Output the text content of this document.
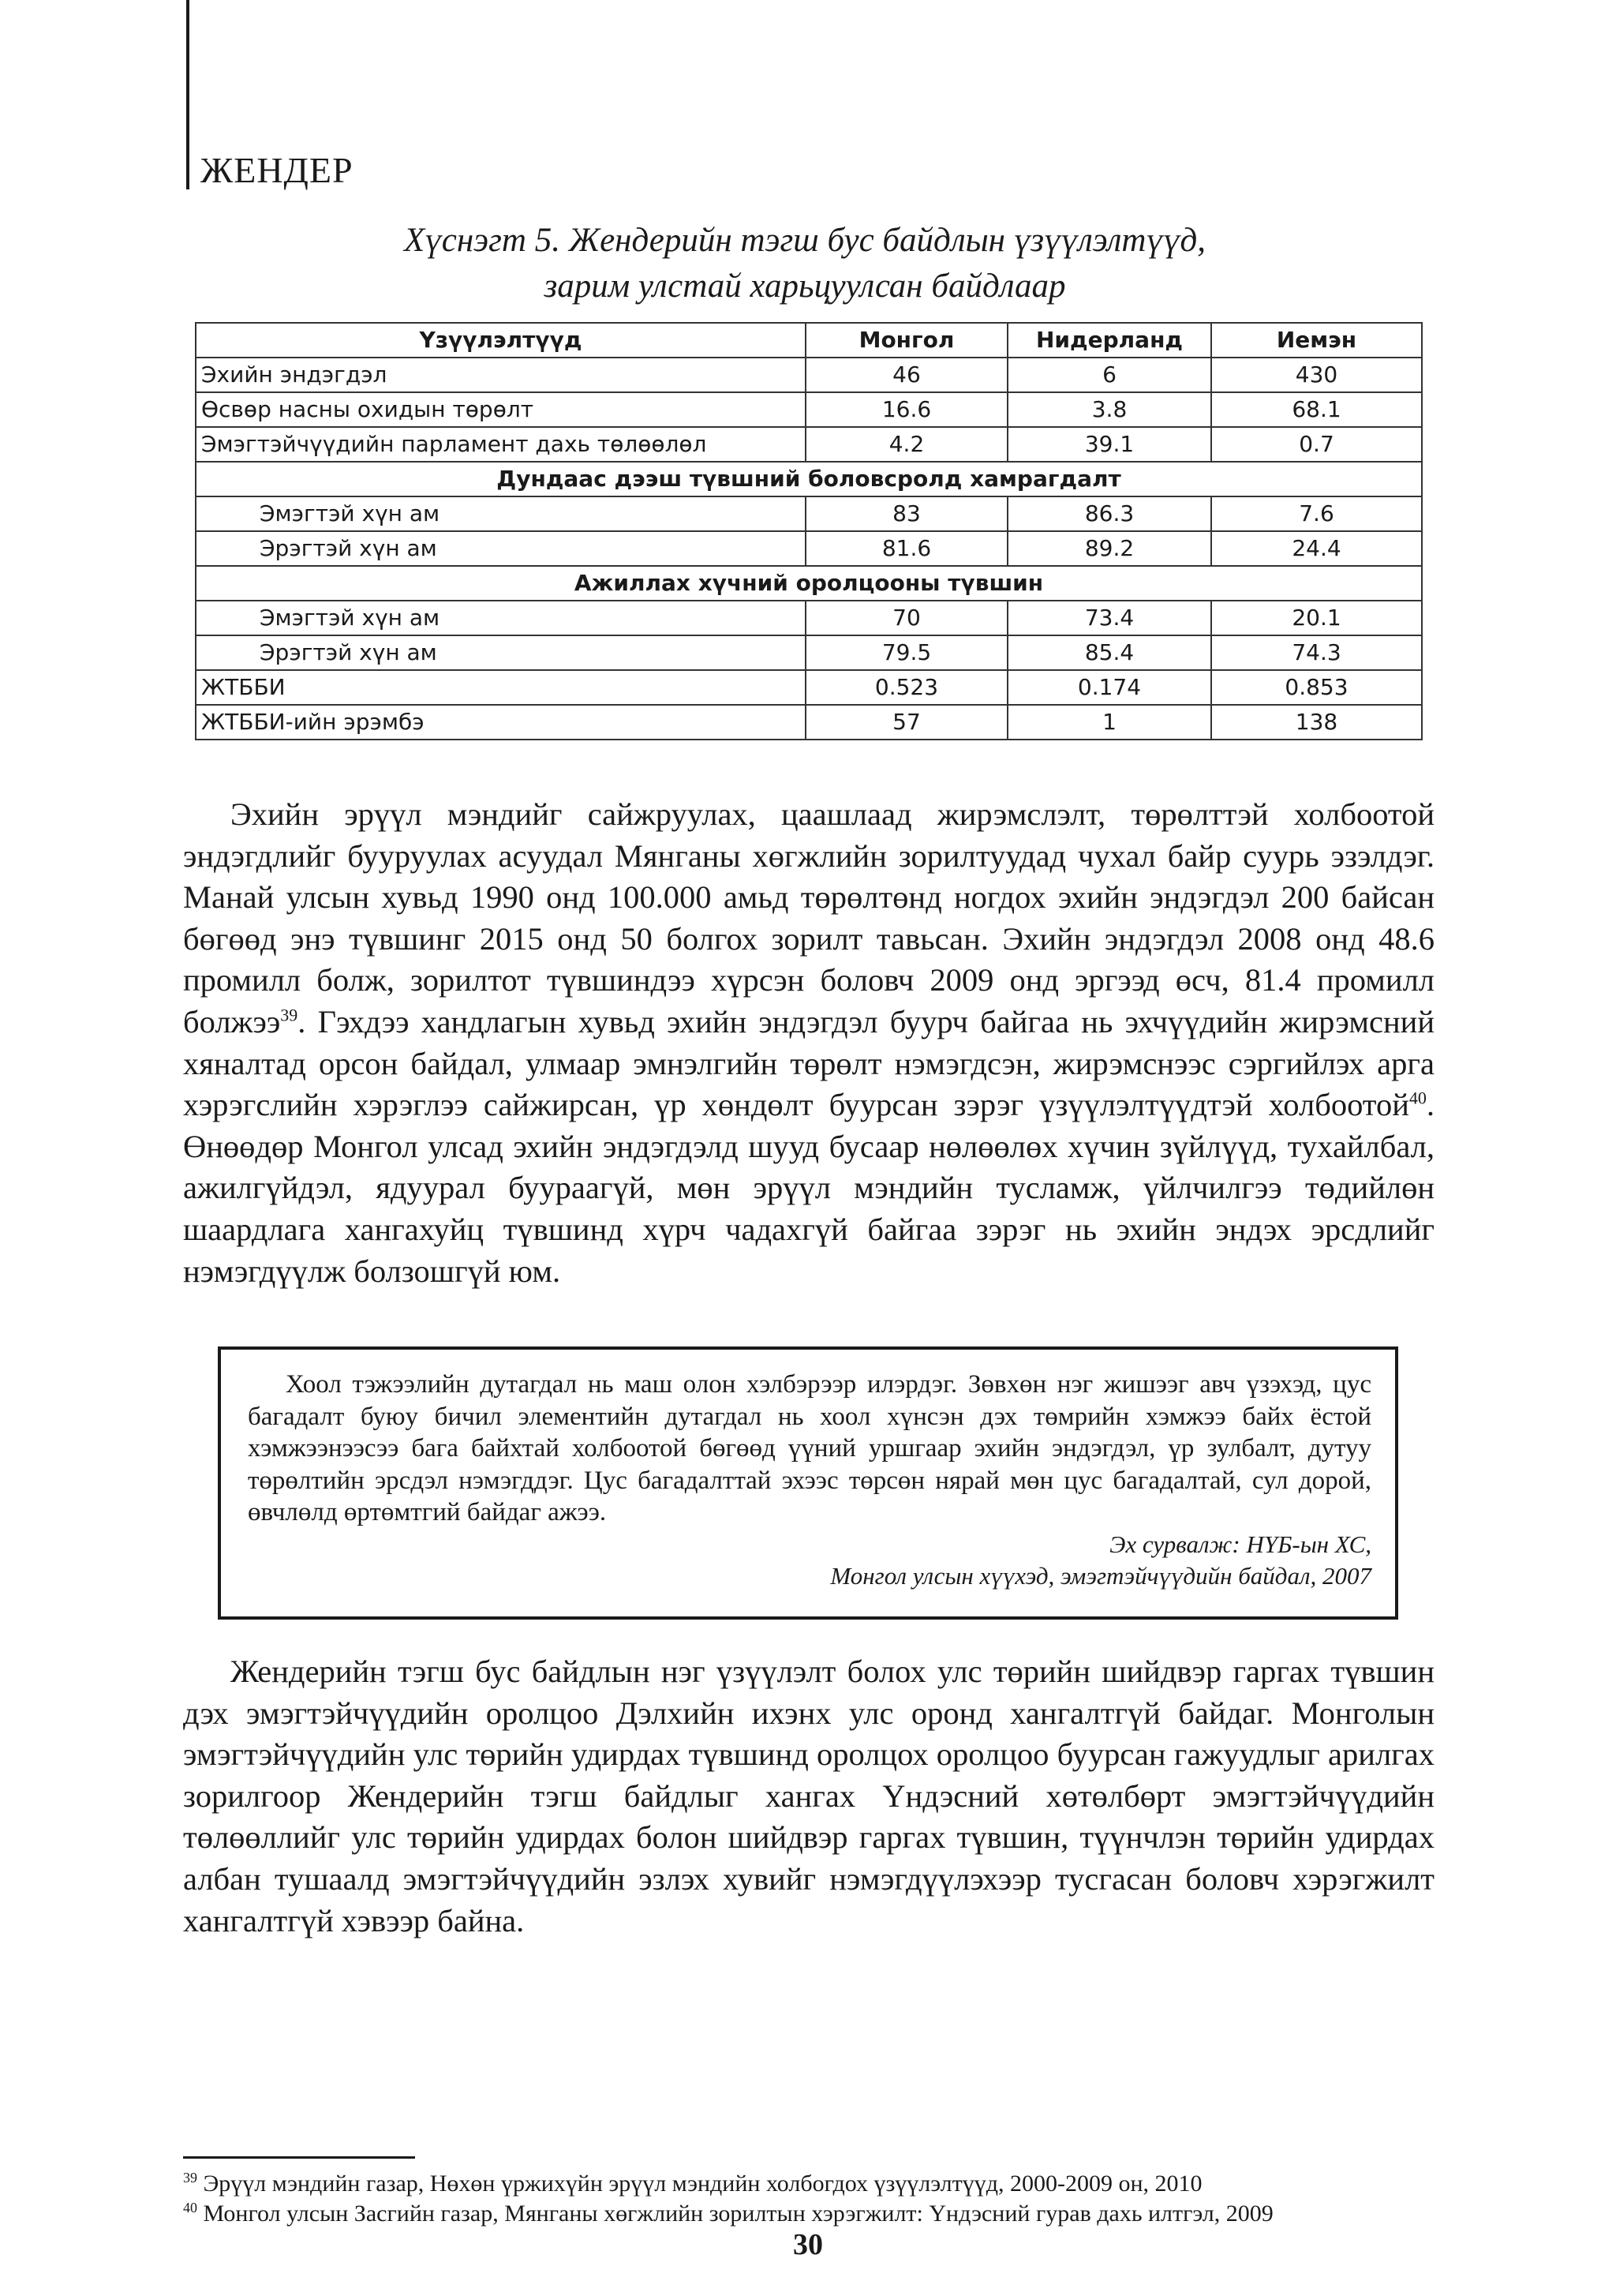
ЖЕНДЕР
Хүснэгт 5. Жендерийн тэгш бус байдлын үзүүлэлтүүд,
зарим улстай харьцуулсан байдлаар
Үзүүлэлтүүд	Монгол	Нидерланд	Иемэн
Эхийн эндэгдэл	46	6	430
Өсвөр насны охидын төрөлт	16.6	3.8	68.1
Эмэгтэйчүүдийн парламент дахь төлөөлөл	4.2	39.1	0.7
Дундаас дээш түвшний боловсролд хамрагдалт			
Эмэгтэй хүн ам	83	86.3	7.6
Эрэгтэй хүн ам	81.6	89.2	24.4
Ажиллах хүчний оролцооны түвшин			
Эмэгтэй хүн ам	70	73.4	20.1
Эрэгтэй хүн ам	79.5	85.4	74.3
ЖТББИ	0.523	0.174	0.853
ЖТББИ-ийн эрэмбэ	57	1	138

Эхийн эрүүл мэндийг сайжруулах, цаашлаад жирэмслэлт, төрөлттэй холбоотой эндэгдлийг бууруулах асуудал Мянганы хөгжлийн зорилтуудад чухал байр суурь эзэлдэг. Манай улсын хувьд 1990 онд 100.000 амьд төрөлтөнд ногдох эхийн эндэгдэл 200 байсан бөгөөд энэ түвшинг 2015 онд 50 болгох зорилт тавьсан. Эхийн эндэгдэл 2008 онд 48.6 промилл болж, зорилтот түвшиндээ хүрсэн боловч 2009 онд эргээд өсч, 81.4 промилл болжээ$^{39}$. Гэхдээ хандлагын хувьд эхийн эндэгдэл буурч байгаа нь эхчүүдийн жирэмсний хяналтад орсон байдал, улмаар эмнэлгийн төрөлт нэмэгдсэн, жирэмснээс сэргийлэх арга хэрэгслийн хэрэглээ сайжирсан, үр хөндөлт буурсан зэрэг үзүүлэлтүүдтэй холбоотой$^{40}$. Өнөөдөр Монгол улсад эхийн эндэгдэлд шууд бусаар нөлөөлөх хүчин зүйлүүд, тухайлбал, ажилгүйдэл, ядуурал буураагүй, мөн эрүүл мэндийн тусламж, үйлчилгээ төдийлөн шаардлага хангахуйц түвшинд хүрч чадахгүй байгаа зэрэг нь эхийн эндэх эрсдлийг нэмэгдүүлж болзошгүй юм.

Хоол тэжээлийн дутагдал нь маш олон хэлбэрээр илэрдэг. Зөвхөн нэг жишээг авч үзэхэд, цус багадалт буюу бичил элементийн дутагдал нь хоол хүнсэн дэх төмрийн хэмжээ байх ёстой хэмжээнээсээ бага байхтай холбоотой бөгөөд үүний уршгаар эхийн эндэгдэл, үр зулбалт, дутуу төрөлтийн эрсдэл нэмэгддэг. Цус багадалттай эхээс төрсөн нярай мөн цус багадалтай, сул дорой, өвчлөлд өртөмтгий байдаг ажээ.

Эх сурвалж: НҮБ-ын ХС,
Монгол улсын хүүхэд, эмэгтэйчүүдийн байдал, 2007

Жендерийн тэгш бус байдлын нэг үзүүлэлт болох улс төрийн шийдвэр гаргах түвшин дэх эмэгтэйчүүдийн оролцоо Дэлхийн ихэнх улс оронд хангалтгүй байдаг. Монголын эмэгтэйчүүдийн улс төрийн удирдах түвшинд оролцох оролцоо буурсан гажуудлыг арилгах зорилгоор Жендерийн тэгш байдлыг хангах Үндэсний хөтөлбөрт эмэгтэйчүүдийн төлөөллийг улс төрийн удирдах болон шийдвэр гаргах түвшин, түүнчлэн төрийн удирдах албан тушаалд эмэгтэйчүүдийн эзлэх хувийг нэмэгдүүлэхээр тусгасан боловч хэрэгжилт хангалтгүй хэвээр байна.

$^{39}$ Эрүүл мэндийн газар, Нөхөн үржихүйн эрүүл мэндийн холбогдох үзүүлэлтүүд, 2000-2009 он, 2010
$^{40}$ Монгол улсын Засгийн газар, Мянганы хөгжлийн зорилтын хэрэгжилт: Үндэсний гурав дахь илтгэл, 2009
30
